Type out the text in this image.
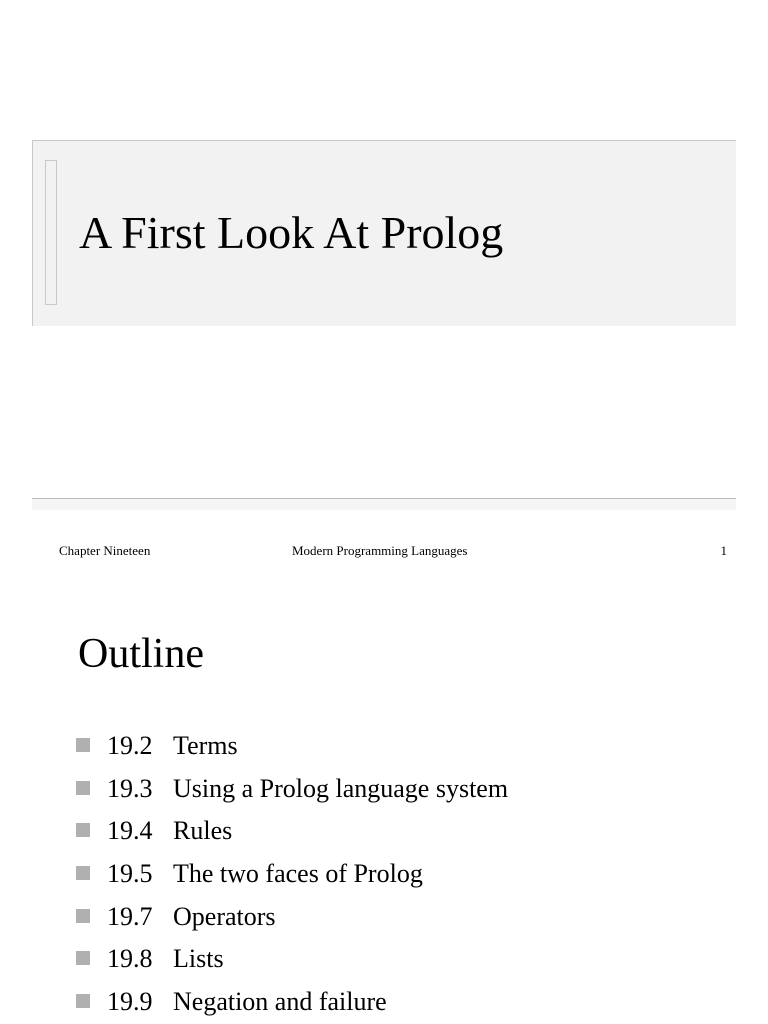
A First Look At Prolog
Chapter Nineteen	Modern Programming Languages	1
Outline
19.2 Terms
19.3 Using a Prolog language system
19.4 Rules
19.5 The two faces of Prolog
19.7 Operators
19.8 Lists
19.9 Negation and failure
